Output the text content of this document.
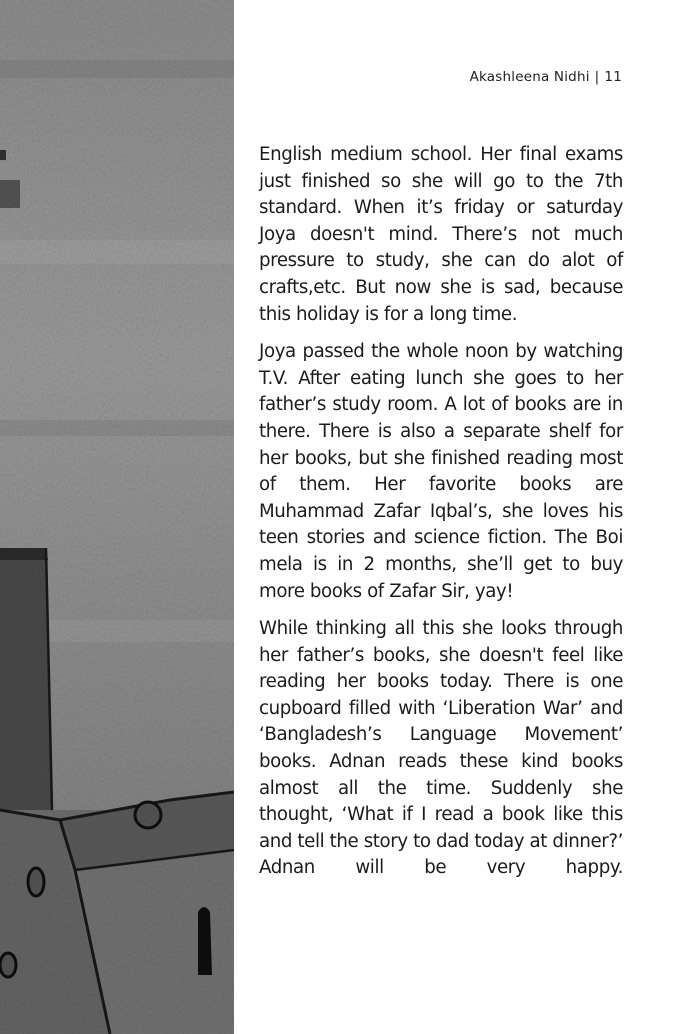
Akashleena Nidhi | 11

English medium school. Her final exams just finished so she will go to the 7th standard. When it’s friday or saturday Joya doesn't mind. There’s not much pressure to study, she can do alot of crafts,etc. But now she is sad, because this holiday is for a long time.

Joya passed the whole noon by watching T.V. After eating lunch she goes to her father’s study room. A lot of books are in there. There is also a separate shelf for her books, but she finished reading most of them. Her favorite books are Muhammad Zafar Iqbal’s, she loves his teen stories and science fiction. The Boi mela is in 2 months, she’ll get to buy more books of Zafar Sir, yay!

While thinking all this she looks through her father’s books, she doesn't feel like reading her books today. There is one cupboard filled with ‘Liberation War’ and ‘Bangladesh’s Language Movement’ books. Adnan reads these kind books almost all the time. Suddenly she thought, ‘What if I read a book like this and tell the story to dad today at dinner?’ Adnan will be very happy.
